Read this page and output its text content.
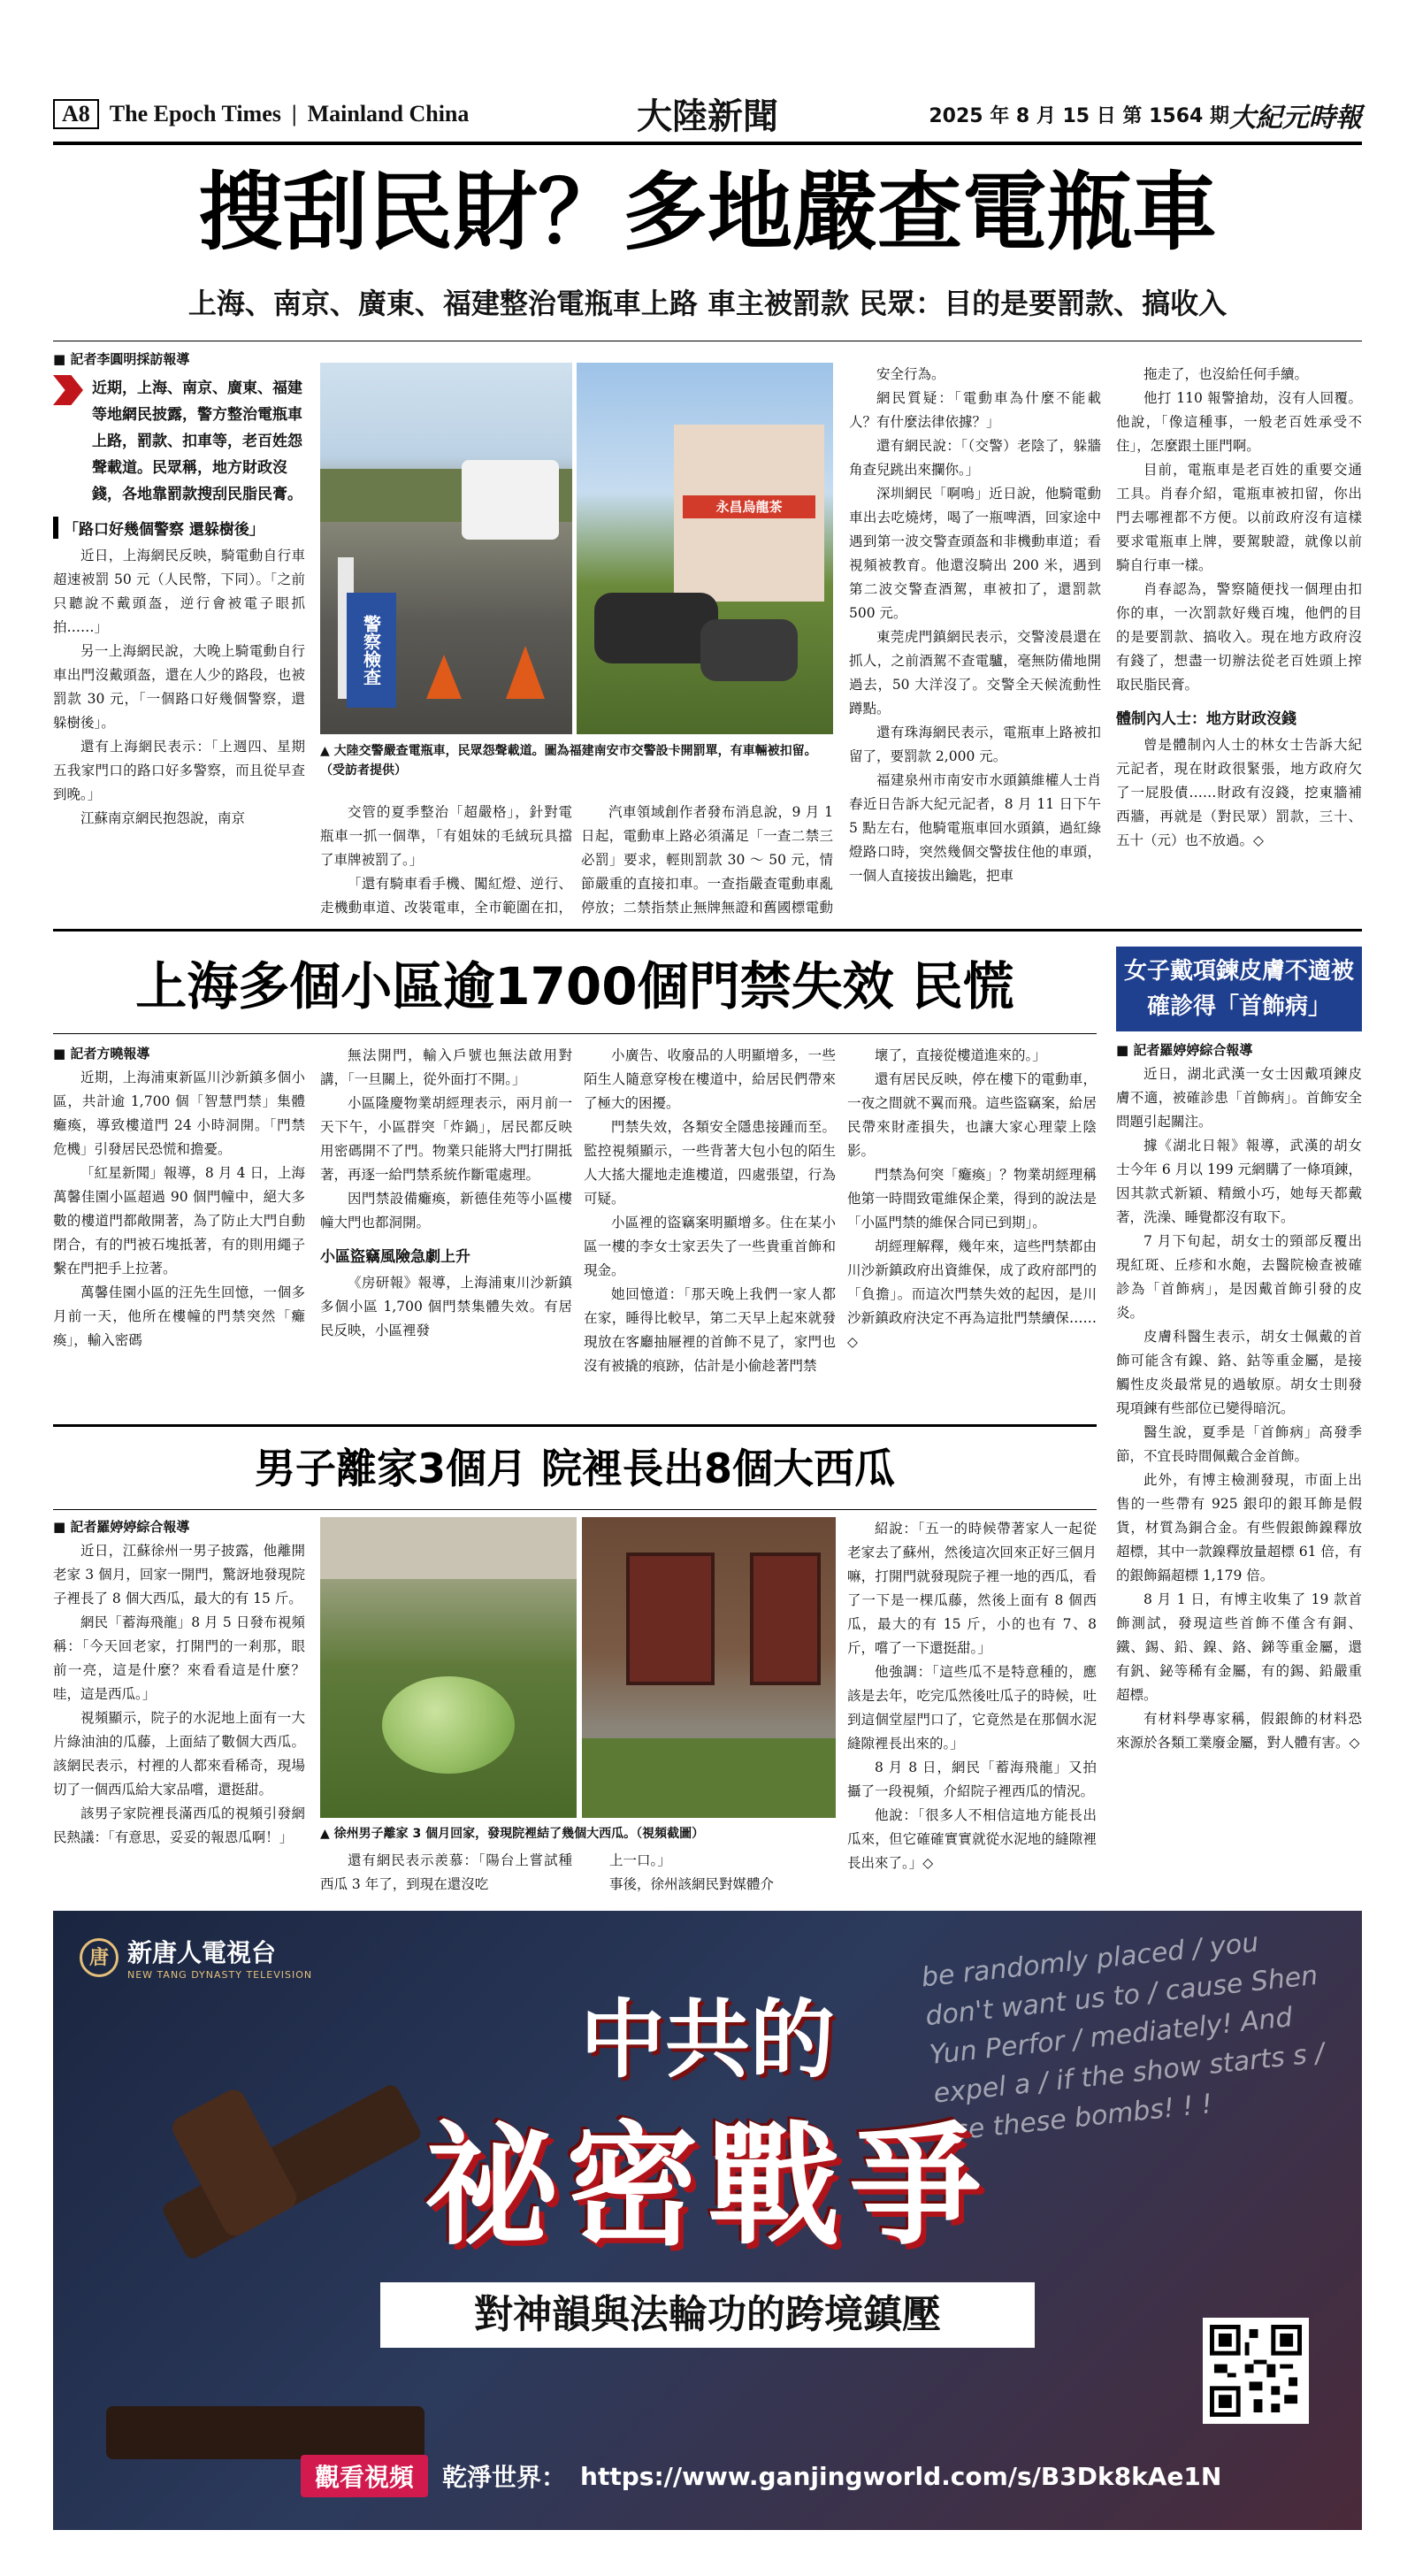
A8 The Epoch Times | Mainland China	大陸新聞	2025 年 8 月 15 日 第 1564 期 大紀元時報
搜刮民財？多地嚴查電瓶車
上海、南京、廣東、福建整治電瓶車上路 車主被罰款 民眾：目的是要罰款、搞收入
■ 記者李圓明採訪報導
近期，上海、南京、廣東、福建等地網民披露，警方整治電瓶車上路，罰款、扣車等，老百姓怨聲載道。民眾稱，地方財政沒錢，各地靠罰款搜刮民脂民膏。
「路口好幾個警察 還躲樹後」

近日，上海網民反映，騎電動自行車超速被罰 50 元（人民幣，下同）。「之前只聽說不戴頭盔，逆行會被電子眼抓拍……」

另一上海網民說，大晚上騎電動自行車出門沒戴頭盔，還在人少的路段，也被罰款 30 元，「一個路口好幾個警察，還躲樹後」。

還有上海網民表示：「上週四、星期五我家門口的路口好多警察，而且從早查到晚。」

江蘇南京網民抱怨說，南京

警察檢查
永昌烏龍茶
▲ 大陸交警嚴查電瓶車，民眾怨聲載道。圖為福建南安市交警設卡開罰單，有車輛被扣留。（受訪者提供）

交管的夏季整治「超嚴格」，針對電瓶車一抓一個準，「有姐妹的毛絨玩具擋了車牌被罰了。」

「還有騎車看手機、闖紅燈、逆行、走機動車道、改裝電車，全市範圍在扣，

汽車領域創作者發布消息說，9 月 1 日起，電動車上路必須滿足「一查二禁三必罰」要求，輕則罰款 30 ～ 50 元，情節嚴重的直接扣車。一查指嚴查電動車亂停放；二禁指禁止無牌無證和舊國標電動

安全行為。

網民質疑：「電動車為什麼不能載人？有什麼法律依據？」

還有網民說：「（交警）老陰了，躲牆角查兒跳出來攔你。」

深圳網民「啊嗚」近日說，他騎電動車出去吃燒烤，喝了一瓶啤酒，回家途中遇到第一波交警查頭盔和非機動車道；看視頻被教育。他還沒騎出 200 米，遇到第二波交警查酒駕，車被扣了，還罰款 500 元。

東莞虎門鎮網民表示，交警淩晨還在抓人，之前酒駕不查電驢，毫無防備地開過去，50 大洋沒了。交警全天候流動性蹲點。

還有珠海網民表示，電瓶車上路被扣留了，要罰款 2,000 元。

福建泉州市南安市水頭鎮維權人士肖春近日告訴大紀元記者，8 月 11 日下午 5 點左右，他騎電瓶車回水頭鎮，過紅綠燈路口時，突然幾個交警拔住他的車頭，一個人直接拔出鑰匙，把車

拖走了，也沒給任何手續。

他打 110 報警搶劫，沒有人回覆。他說，「像這種事，一般老百姓承受不住」，怎麼跟土匪門啊。

目前，電瓶車是老百姓的重要交通工具。肖春介紹，電瓶車被扣留，你出門去哪裡都不方便。以前政府沒有這樣要求電瓶車上牌，要駕駛證，就像以前騎自行車一樣。

肖春認為，警察隨便找一個理由扣你的車，一次罰款好幾百塊，他們的目的是要罰款、搞收入。現在地方政府沒有錢了，想盡一切辦法從老百姓頭上搾取民脂民膏。

體制內人士：地方財政沒錢

曾是體制內人士的林女士告訴大紀元記者，現在財政很緊張，地方政府欠了一屁股債……財政有沒錢，挖東牆補西牆，再就是（對民眾）罰款，三十、五十（元）也不放過。◇

上海多個小區逾1700個門禁失效 民慌
■ 記者方曉報導

近期，上海浦東新區川沙新鎮多個小區，共計逾 1,700 個「智慧門禁」集體癱瘓，導致樓道門 24 小時洞開。「門禁危機」引發居民恐慌和擔憂。

「紅星新聞」報導，8 月 4 日，上海萬馨佳園小區超過 90 個門幢中，絕大多數的樓道門都敞開著，為了防止大門自動閉合，有的門被石塊抵著，有的則用繩子繫在門把手上拉著。

萬馨佳園小區的汪先生回憶，一個多月前一天，他所在樓幢的門禁突然「癱瘓」，輸入密碼

無法開門，輸入戶號也無法啟用對講，「一旦關上，從外面打不開。」

小區隆慶物業胡經理表示，兩月前一天下午，小區群突「炸鍋」，居民都反映用密碼開不了門。物業只能將大門打開抵著，再逐一給門禁系統作斷電處理。

因門禁設備癱瘓，新德佳苑等小區樓幢大門也都洞開。

小區盜竊風險急劇上升

《房研報》報導，上海浦東川沙新鎮多個小區 1,700 個門禁集體失效。有居民反映，小區裡發

小廣告、收廢品的人明顯增多，一些陌生人隨意穿梭在樓道中，給居民們帶來了極大的困擾。

門禁失效，各類安全隱患接踵而至。監控視頻顯示，一些背著大包小包的陌生人大搖大擺地走進樓道，四處張望，行為可疑。

小區裡的盜竊案明顯增多。住在某小區一樓的李女士家丟失了一些貴重首飾和現金。

她回憶道：「那天晚上我們一家人都在家，睡得比較早，第二天早上起來就發現放在客廳抽屜裡的首飾不見了，家門也沒有被撬的痕跡，估計是小偷趁著門禁

壞了，直接從樓道進來的。」

還有居民反映，停在樓下的電動車，一夜之間就不翼而飛。這些盜竊案，給居民帶來財產損失，也讓大家心理蒙上陰影。

門禁為何突「癱瘓」？物業胡經理稱他第一時間致電維保企業，得到的說法是「小區門禁的維保合同已到期」。

胡經理解釋，幾年來，這些門禁都由川沙新鎮政府出資維保，成了政府部門的「負擔」。而這次門禁失效的起因，是川沙新鎮政府決定不再為這批門禁續保……◇

男子離家3個月 院裡長出8個大西瓜
■ 記者羅婷婷綜合報導

近日，江蘇徐州一男子披露，他離開老家 3 個月，回家一開門，驚訝地發現院子裡長了 8 個大西瓜，最大的有 15 斤。

網民「蓄海飛龍」8 月 5 日發布視頻稱：「今天回老家，打開門的一剎那，眼前一亮，這是什麼？來看看這是什麼？哇，這是西瓜。」

視頻顯示，院子的水泥地上面有一大片綠油油的瓜藤，上面結了數個大西瓜。該網民表示，村裡的人都來看稀奇，現場切了一個西瓜給大家品嚐，還挺甜。

該男子家院裡長滿西瓜的視頻引發網民熱議：「有意思，妥妥的報恩瓜啊！」

▲	徐州男子離家 3 個月回家，發現院裡結了幾個大西瓜。（視頻截圖）

還有網民表示羨慕：「陽台上嘗試種西瓜 3 年了，到現在還沒吃

上一口。」

事後，徐州該網民對媒體介

紹說：「五一的時候帶著家人一起從老家去了蘇州，然後這次回來正好三個月嘛，打開門就發現院子裡一地的西瓜，看了一下是一棵瓜藤，然後上面有 8 個西瓜，最大的有 15 斤，小的也有 7、8 斤，嚐了一下還挺甜。」

他強調：「這些瓜不是特意種的，應該是去年，吃完瓜然後吐瓜子的時候，吐到這個堂屋門口了，它竟然是在那個水泥縫隙裡長出來的。」

8 月 8 日，網民「蓄海飛龍」又拍攝了一段視頻，介紹院子裡西瓜的情況。

他說：「很多人不相信這地方能長出瓜來，但它確確實實就從水泥地的縫隙裡長出來了。」◇

女子戴項鍊皮膚不適被確診得「首飾病」
■ 記者羅婷婷綜合報導

近日，湖北武漢一女士因戴項鍊皮膚不適，被確診患「首飾病」。首飾安全問題引起關注。

據《湖北日報》報導，武漢的胡女士今年 6 月以 199 元網購了一條項鍊，因其款式新穎、精緻小巧，她每天都戴著，洗澡、睡覺都沒有取下。

7 月下旬起，胡女士的頸部反覆出現紅斑、丘疹和水皰，去醫院檢查被確診為「首飾病」，是因戴首飾引發的皮炎。

皮膚科醫生表示，胡女士佩戴的首飾可能含有鎳、鉻、鈷等重金屬，是接觸性皮炎最常見的過敏原。胡女士則發現項鍊有些部位已變得暗沉。

醫生說，夏季是「首飾病」高發季節，不宜長時間佩戴合金首飾。

此外，有博主檢測發現，市面上出售的一些帶有 925 銀印的銀耳飾是假貨，材質為銅合金。有些假銀飾鎳釋放超標，其中一款鎳釋放量超標 61 倍，有的銀飾鎘超標 1,179 倍。

8 月 1 日，有博主收集了 19 款首飾測試，發現這些首飾不僅含有銅、鐵、錫、鉛、鎳、鉻、銻等重金屬，還有釩、鉍等稀有金屬，有的錫、鉛嚴重超標。

有材料學專家稱，假銀飾的材料恐來源於各類工業廢金屬，對人體有害。◇

唐 新唐人電視台
NEW TANG DYNASTY TELEVISION	be randomly placed / you don't want us to / cause Shen Yun Perfor / mediately! And expel a / if the show starts s / use these bombs! ! !
中共的
祕密戰爭
對神韻與法輪功的跨境鎮壓
觀看視頻	乾淨世界： https://www.ganjingworld.com/s/B3Dk8kAe1N
